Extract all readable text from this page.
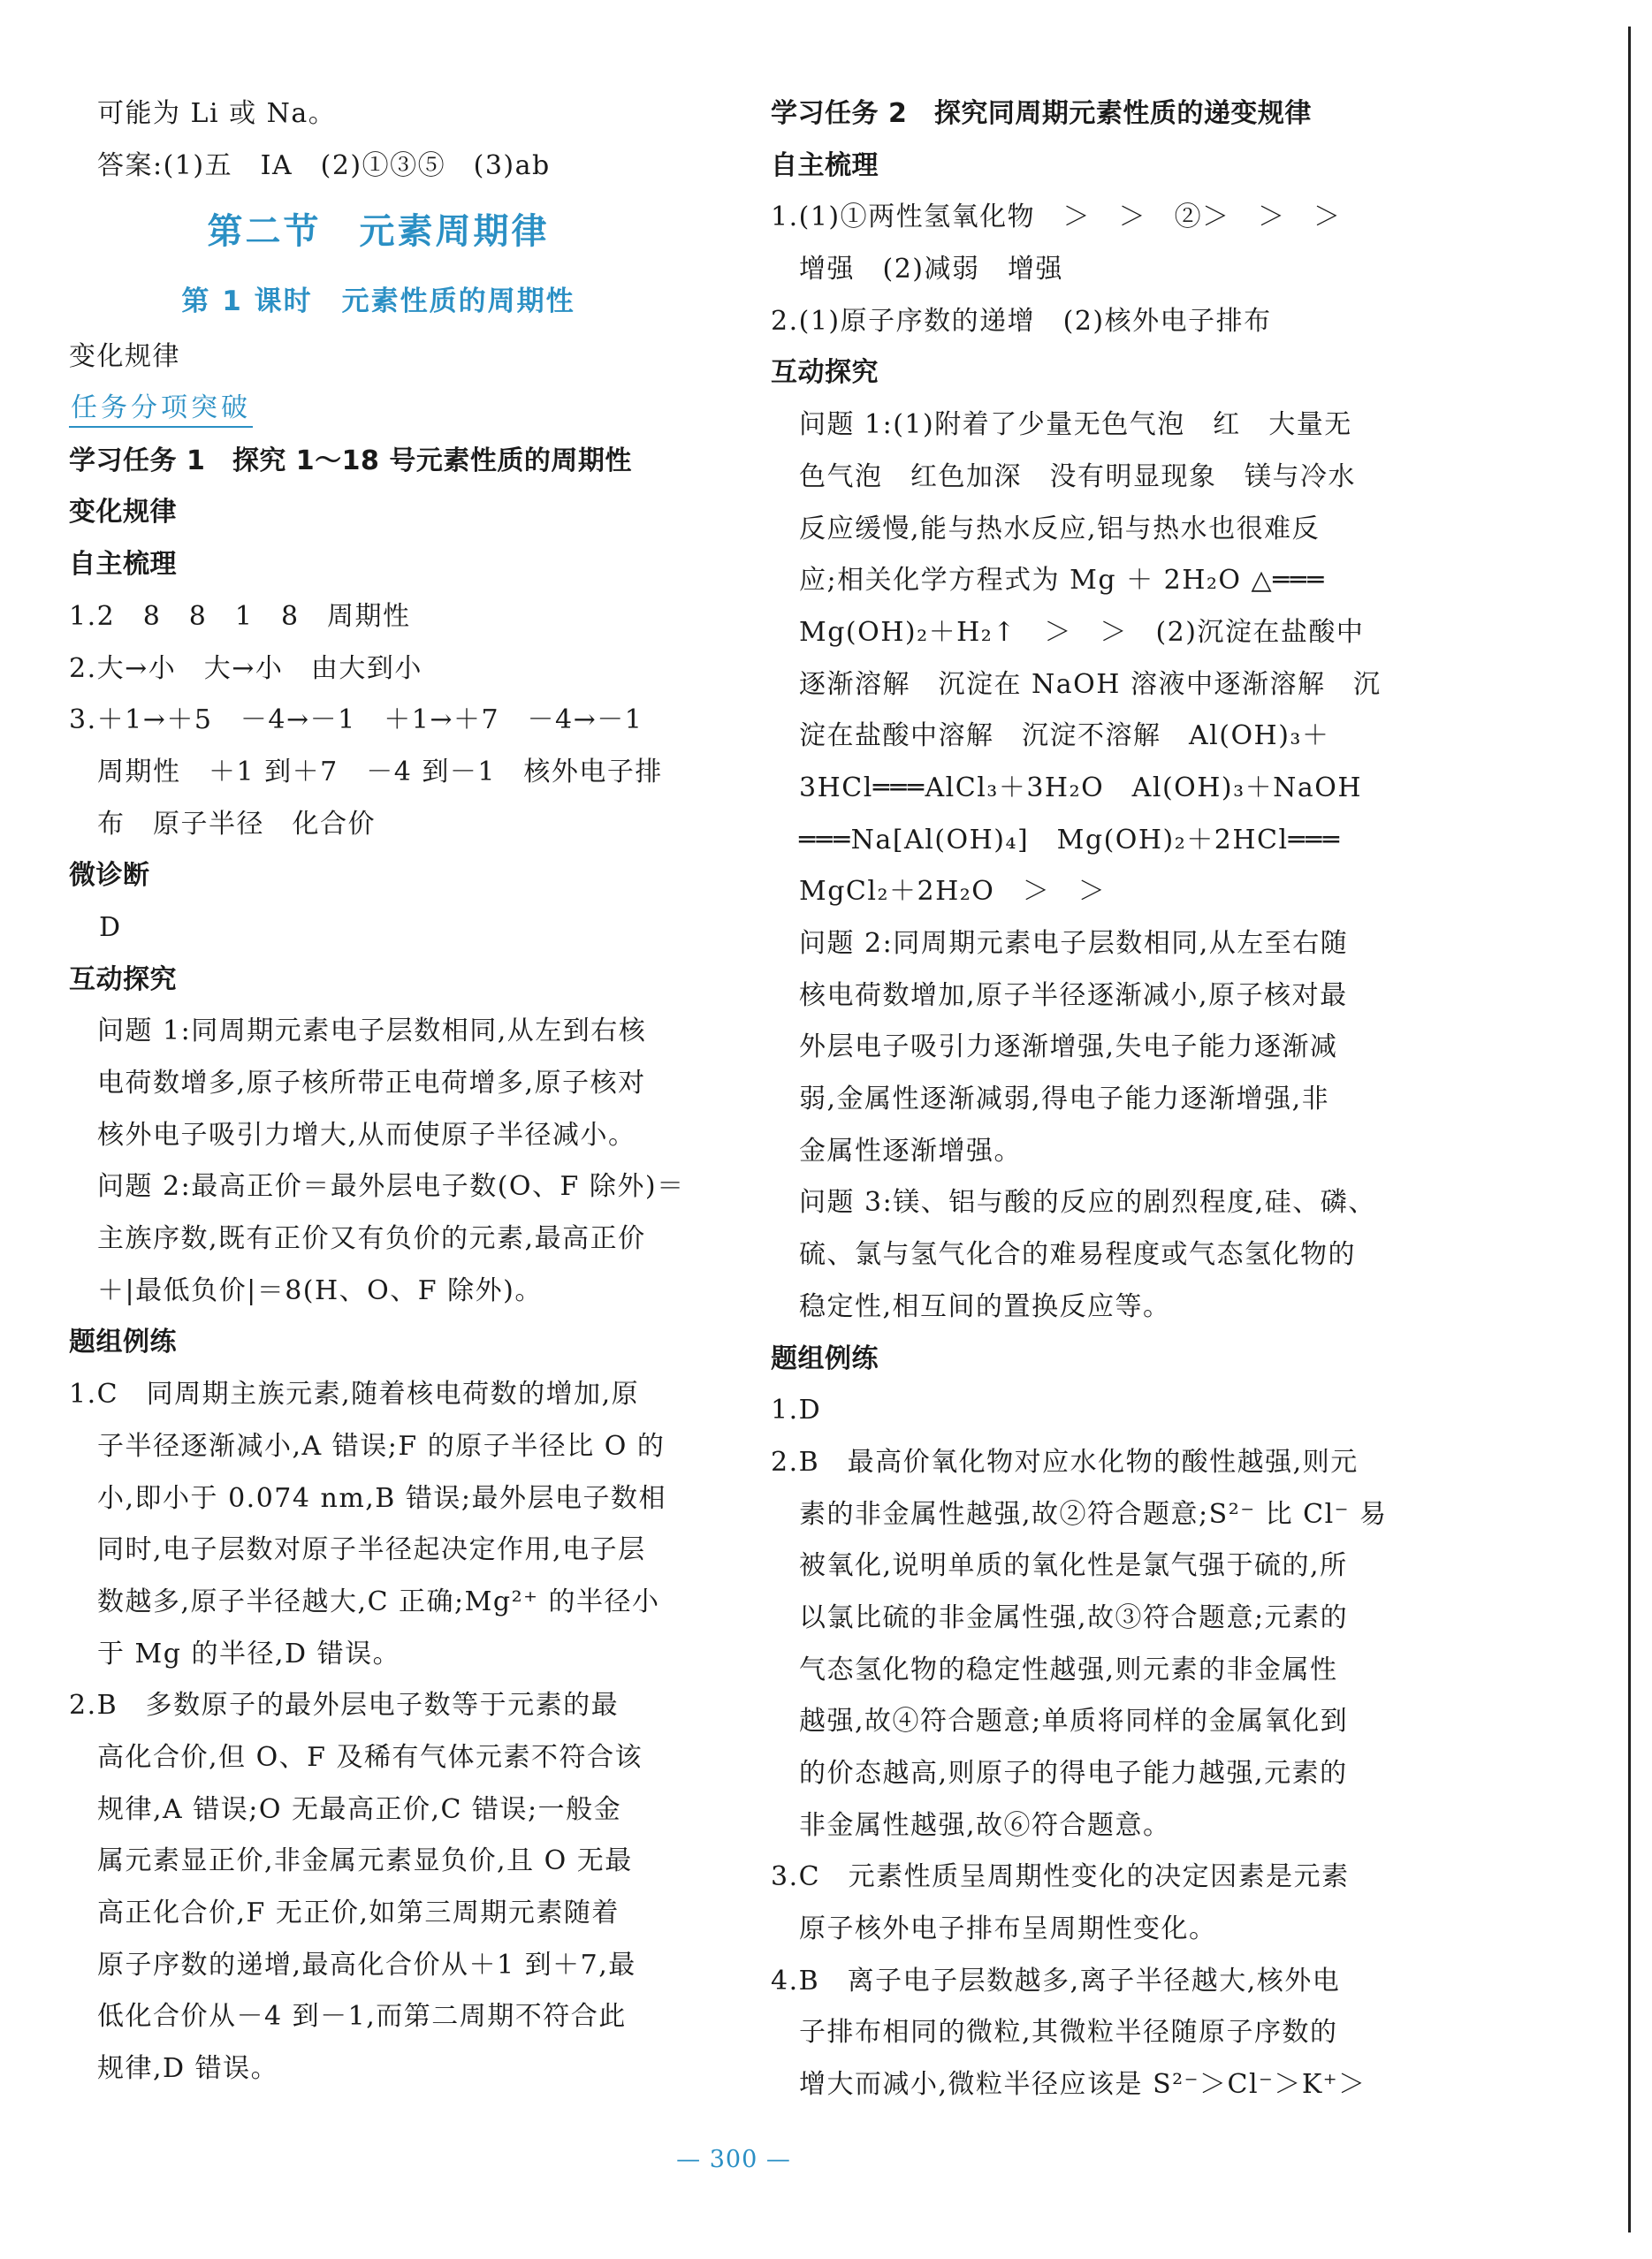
可能为 Li 或 Na。
答案:(1)五　ⅠA　(2)①③⑤　(3)ab
第二节　元素周期律
第 1 课时　元素性质的周期性
变化规律
任务分项突破
学习任务 1　探究 1～18 号元素性质的周期性
变化规律
自主梳理
1.2　8　8　1　8　周期性
2.大→小　大→小　由大到小
3.＋1→＋5　－4→－1　＋1→＋7　－4→－1
周期性　＋1 到＋7　－4 到－1　核外电子排
布　原子半径　化合价
微诊断
D
互动探究
问题 1:同周期元素电子层数相同,从左到右核
电荷数增多,原子核所带正电荷增多,原子核对
核外电子吸引力增大,从而使原子半径减小。
问题 2:最高正价＝最外层电子数(O、F 除外)＝
主族序数,既有正价又有负价的元素,最高正价
＋|最低负价|＝8(H、O、F 除外)。
题组例练
1.C　同周期主族元素,随着核电荷数的增加,原
子半径逐渐减小,A 错误;F 的原子半径比 O 的
小,即小于 0.074 nm,B 错误;最外层电子数相
同时,电子层数对原子半径起决定作用,电子层
数越多,原子半径越大,C 正确;Mg²⁺ 的半径小
于 Mg 的半径,D 错误。
2.B　多数原子的最外层电子数等于元素的最
高化合价,但 O、F 及稀有气体元素不符合该
规律,A 错误;O 无最高正价,C 错误;一般金
属元素显正价,非金属元素显负价,且 O 无最
高正化合价,F 无正价,如第三周期元素随着
原子序数的递增,最高化合价从＋1 到＋7,最
低化合价从－4 到－1,而第二周期不符合此
规律,D 错误。
学习任务 2　探究同周期元素性质的递变规律
自主梳理
1.(1)①两性氢氧化物　＞　＞　②＞　＞　＞
增强　(2)减弱　增强
2.(1)原子序数的递增　(2)核外电子排布
互动探究
问题 1:(1)附着了少量无色气泡　红　大量无
色气泡　红色加深　没有明显现象　镁与冷水
反应缓慢,能与热水反应,铝与热水也很难反
应;相关化学方程式为 Mg ＋ 2H₂O △═══
Mg(OH)₂＋H₂↑　＞　＞　(2)沉淀在盐酸中
逐渐溶解　沉淀在 NaOH 溶液中逐渐溶解　沉
淀在盐酸中溶解　沉淀不溶解　Al(OH)₃＋
3HCl═══AlCl₃＋3H₂O　Al(OH)₃＋NaOH
═══Na[Al(OH)₄]　Mg(OH)₂＋2HCl═══
MgCl₂＋2H₂O　＞　＞
问题 2:同周期元素电子层数相同,从左至右随
核电荷数增加,原子半径逐渐减小,原子核对最
外层电子吸引力逐渐增强,失电子能力逐渐减
弱,金属性逐渐减弱,得电子能力逐渐增强,非
金属性逐渐增强。
问题 3:镁、铝与酸的反应的剧烈程度,硅、磷、
硫、氯与氢气化合的难易程度或气态氢化物的
稳定性,相互间的置换反应等。
题组例练
1.D
2.B　最高价氧化物对应水化物的酸性越强,则元
素的非金属性越强,故②符合题意;S²⁻ 比 Cl⁻ 易
被氧化,说明单质的氧化性是氯气强于硫的,所
以氯比硫的非金属性强,故③符合题意;元素的
气态氢化物的稳定性越强,则元素的非金属性
越强,故④符合题意;单质将同样的金属氧化到
的价态越高,则原子的得电子能力越强,元素的
非金属性越强,故⑥符合题意。
3.C　元素性质呈周期性变化的决定因素是元素
原子核外电子排布呈周期性变化。
4.B　离子电子层数越多,离子半径越大,核外电
子排布相同的微粒,其微粒半径随原子序数的
增大而减小,微粒半径应该是 S²⁻＞Cl⁻＞K⁺＞
— 300 —
